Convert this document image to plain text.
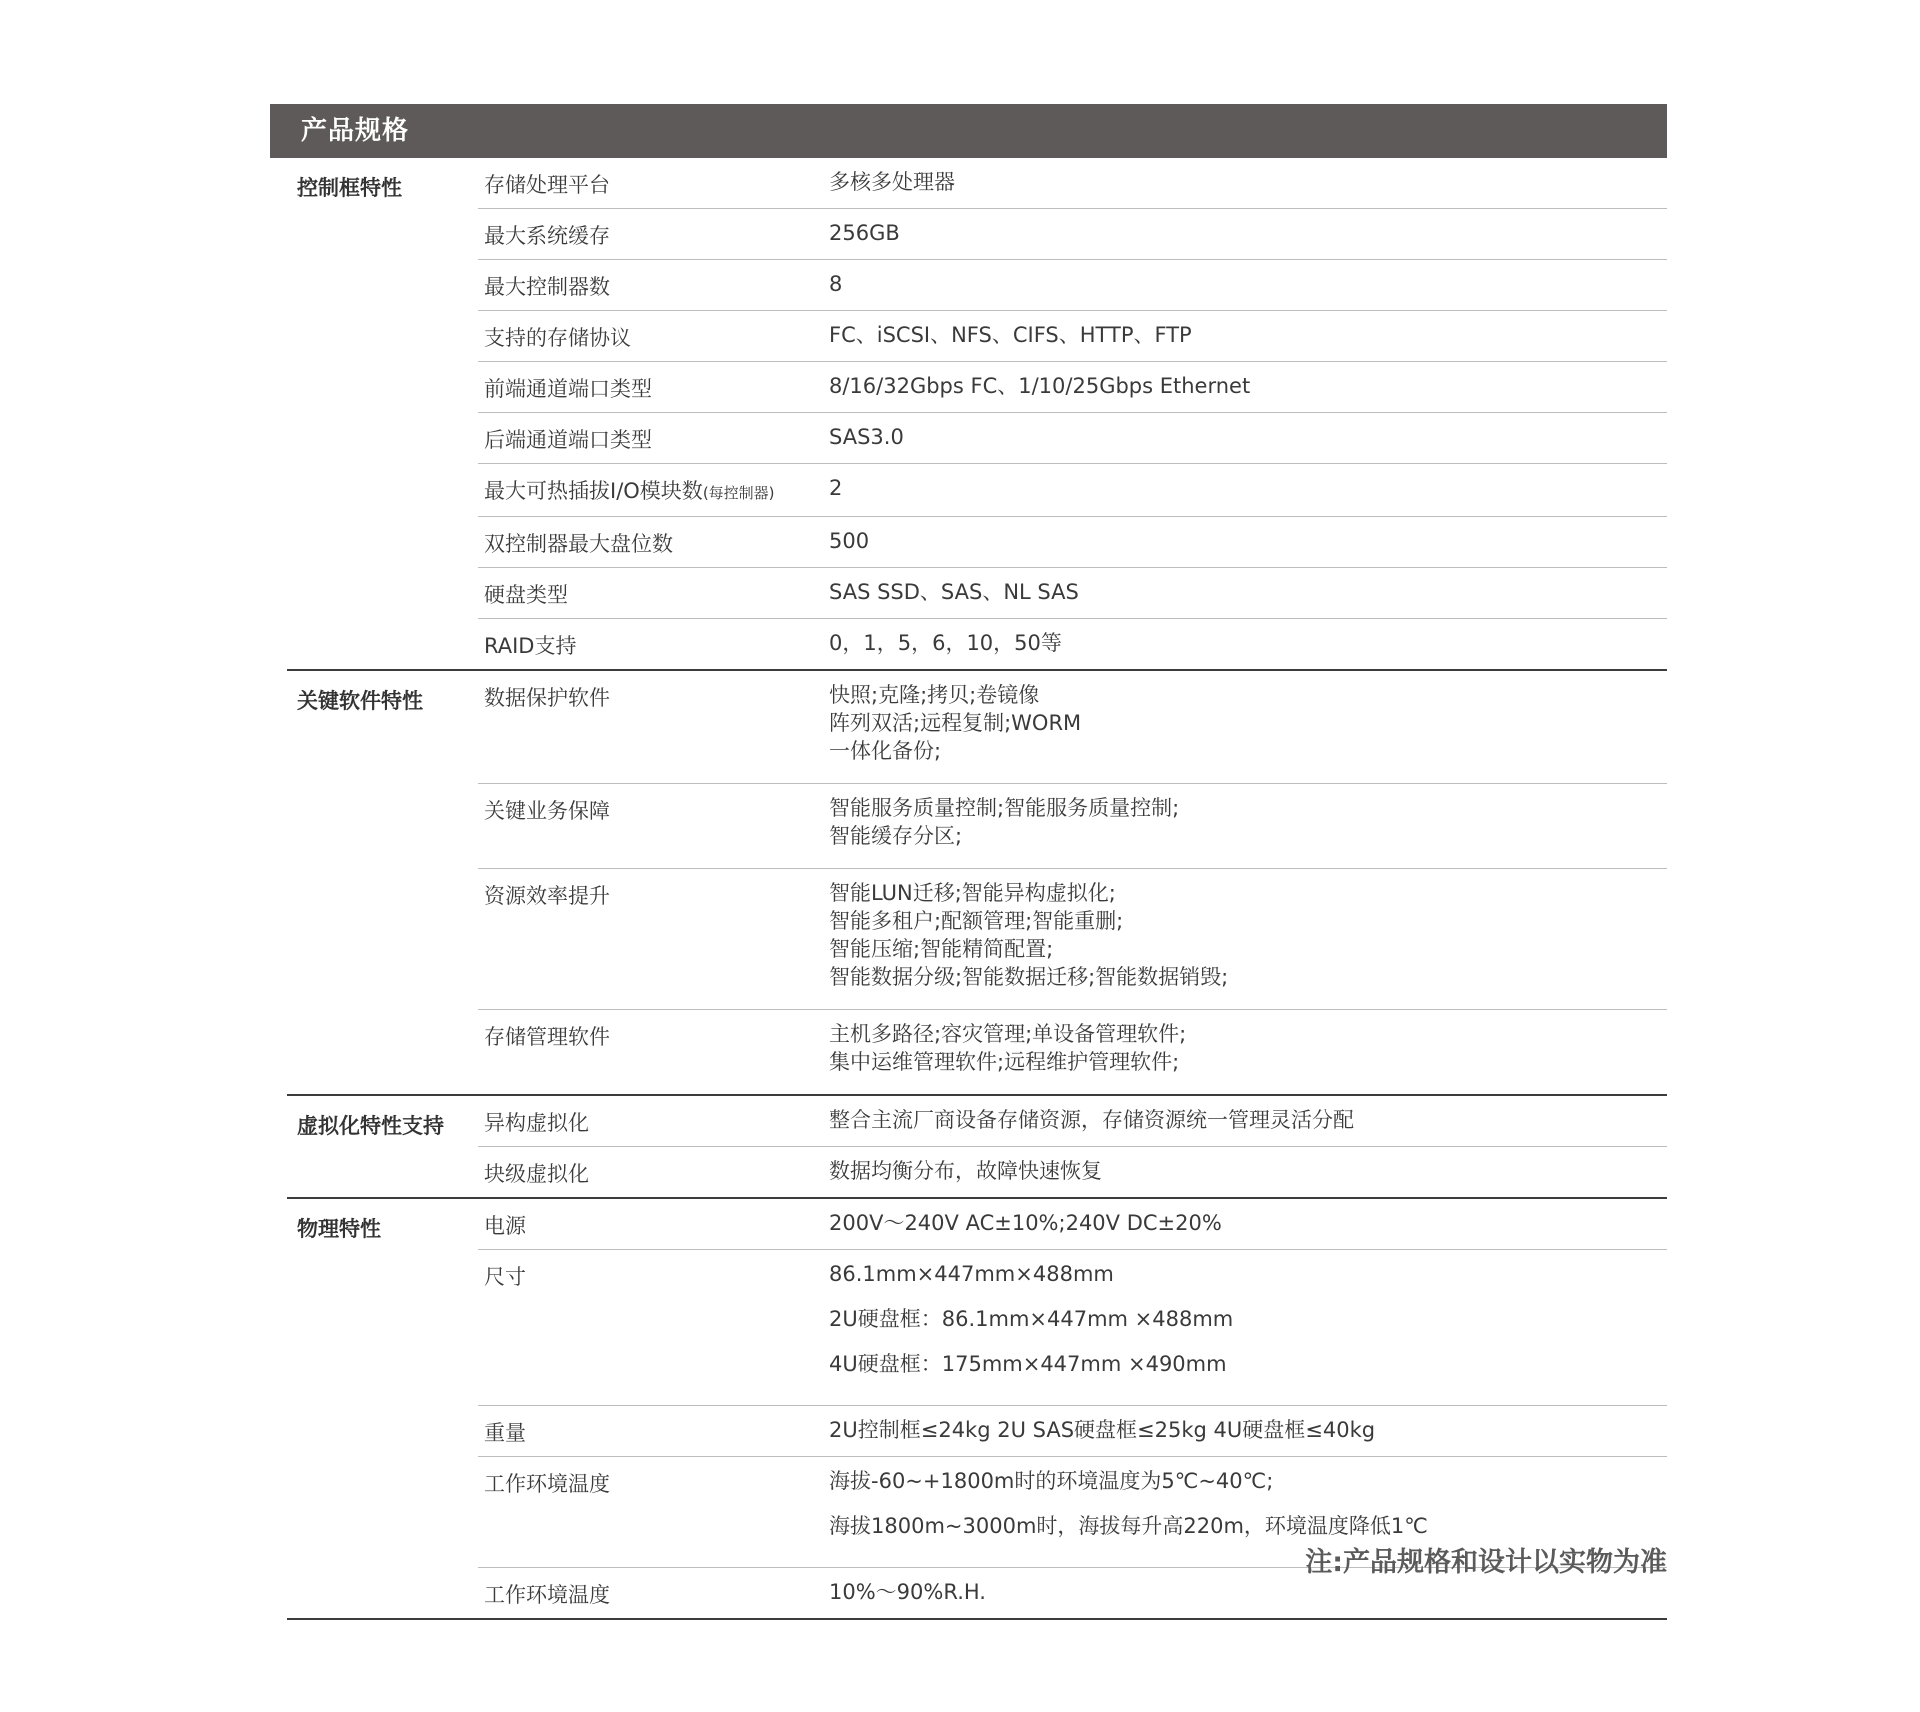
产品规格
控制框特性	存储处理平台	多核多处理器
最大系统缓存	256GB
最大控制器数	8
支持的存储协议	FC、iSCSI、NFS、CIFS、HTTP、FTP
前端通道端口类型	8/16/32Gbps FC、1/10/25Gbps Ethernet
后端通道端口类型	SAS3.0
最大可热插拔I/O模块数(每控制器)	2
双控制器最大盘位数	500
硬盘类型	SAS SSD、SAS、NL SAS
RAID支持	0，1，5，6，10，50等
关键软件特性	数据保护软件	快照;克隆;拷贝;卷镜像
阵列双活;远程复制;WORM
一体化备份;
关键业务保障	智能服务质量控制;智能服务质量控制;
智能缓存分区;
资源效率提升	智能LUN迁移;智能异构虚拟化;
智能多租户;配额管理;智能重删;
智能压缩;智能精简配置;
智能数据分级;智能数据迁移;智能数据销毁;
存储管理软件	主机多路径;容灾管理;单设备管理软件;
集中运维管理软件;远程维护管理软件;
虚拟化特性支持	异构虚拟化	整合主流厂商设备存储资源，存储资源统一管理灵活分配
块级虚拟化	数据均衡分布，故障快速恢复
物理特性	电源	200V～240V AC±10%;240V DC±20%
尺寸	86.1mm×447mm×488mm
2U硬盘框：86.1mm×447mm ×488mm
4U硬盘框：175mm×447mm ×490mm
重量	2U控制框≤24kg 2U SAS硬盘框≤25kg 4U硬盘框≤40kg
工作环境温度	海拔-60~+1800m时的环境温度为5℃~40℃;
海拔1800m~3000m时，海拔每升高220m，环境温度降低1℃
工作环境温度	10%～90%R.H.
注:产品规格和设计以实物为准
